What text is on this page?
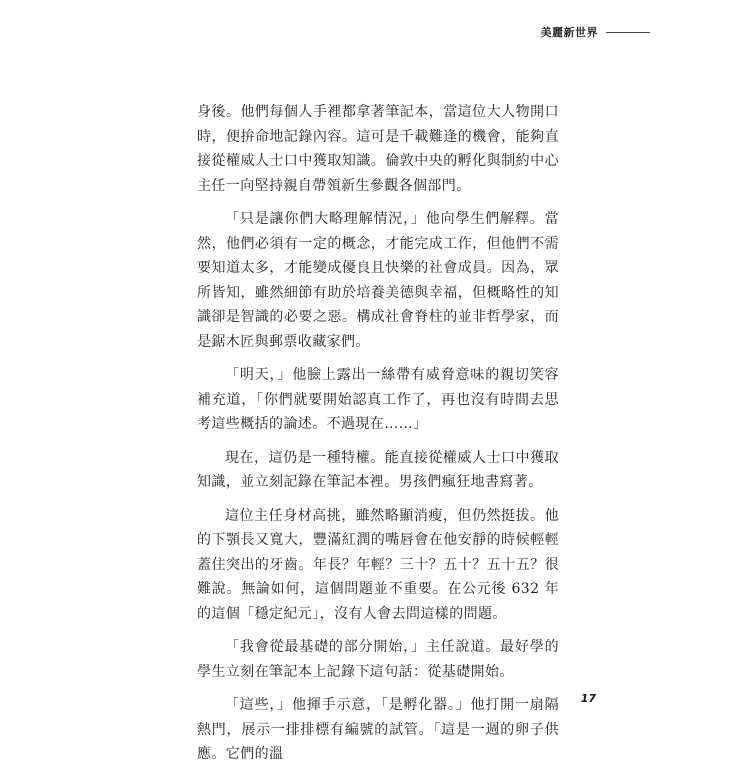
美麗新世界

身後。他們每個人手裡都拿著筆記本，當這位大人物開口時，便拚命地記錄內容。這可是千載難逢的機會，能夠直接從權威人士口中獲取知識。倫敦中央的孵化與制約中心主任一向堅持親自帶領新生參觀各個部門。

「只是讓你們大略理解情況，」他向學生們解釋。當然，他們必須有一定的概念，才能完成工作，但他們不需要知道太多，才能變成優良且快樂的社會成員。因為，眾所皆知，雖然細節有助於培養美德與幸福，但概略性的知識卻是智識的必要之惡。構成社會脊柱的並非哲學家，而是鋸木匠與郵票收藏家們。

「明天，」他臉上露出一絲帶有威脅意味的親切笑容補充道，「你們就要開始認真工作了，再也沒有時間去思考這些概括的論述。不過現在……」

現在，這仍是一種特權。能直接從權威人士口中獲取知識，並立刻記錄在筆記本裡。男孩們瘋狂地書寫著。

這位主任身材高挑，雖然略顯消瘦，但仍然挺拔。他的下顎長又寬大，豐滿紅潤的嘴唇會在他安靜的時候輕輕蓋住突出的牙齒。年長？年輕？三十？五十？五十五？很難說。無論如何，這個問題並不重要。在公元後 632 年的這個「穩定紀元」，沒有人會去問這樣的問題。

「我會從最基礎的部分開始，」主任說道。最好學的學生立刻在筆記本上記錄下這句話：從基礎開始。

「這些，」他揮手示意，「是孵化器。」他打開一扇隔熱門，展示一排排標有編號的試管。「這是一週的卵子供應。它們的溫

17
